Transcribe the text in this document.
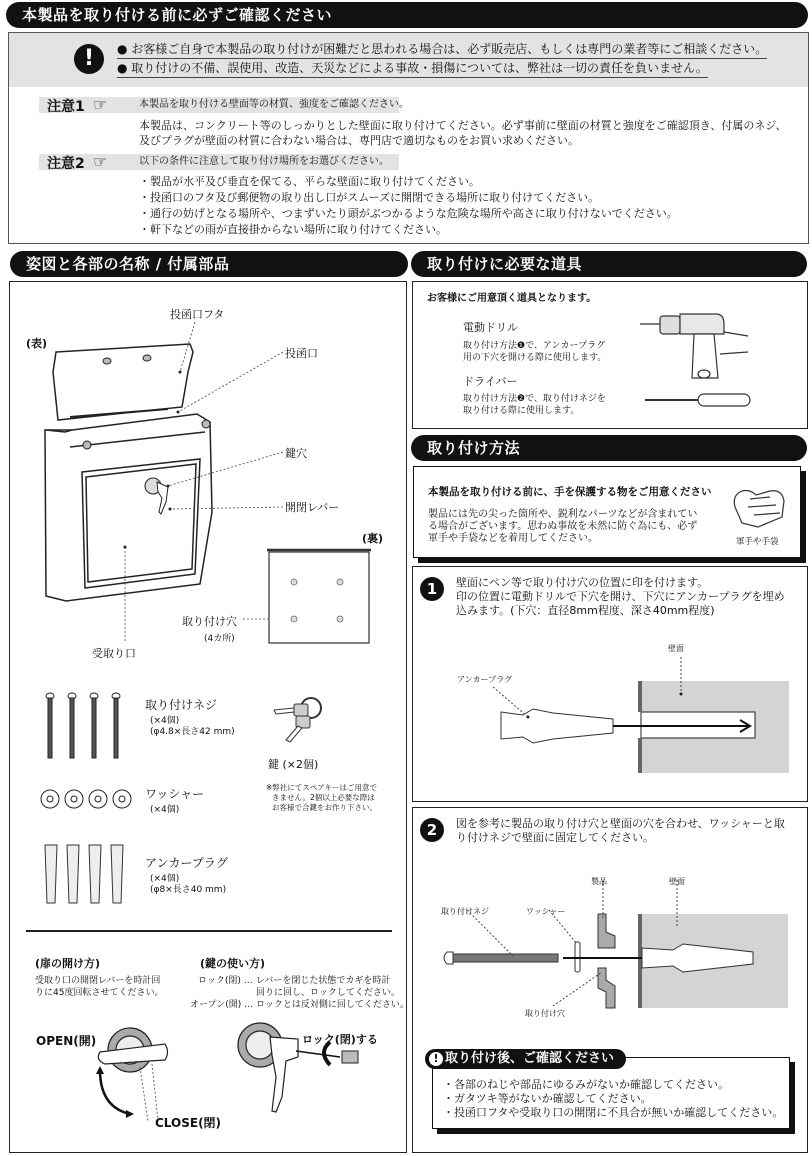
本製品を取り付ける前に必ずご確認ください
!	● お客様ご自身で本製品の取り付けが困難だと思われる場合は、必ず販売店、もしくは専門の業者等にご相談ください。
● 取り付けの不備、誤使用、改造、天災などによる事故・損傷については、弊社は一切の責任を負いません。
注意1 ☞	本製品を取り付ける壁面等の材質、強度をご確認ください。
本製品は、コンクリート等のしっかりとした壁面に取り付けてください。必ず事前に壁面の材質と強度をご確認頂き、付属のネジ、
及びプラグが壁面の材質に合わない場合は、専門店で適切なものをお買い求めください。
注意2 ☞	以下の条件に注意して取り付け場所をお選びください。
・製品が水平及び垂直を保てる、平らな壁面に取り付けてください。
・投函口のフタ及び郵便物の取り出し口がスムーズに開閉できる場所に取り付けてください。
・通行の妨げとなる場所や、つまずいたり頭がぶつかるような危険な場所や高さに取り付けないでください。
・軒下などの雨が直接掛からない場所に取り付けてください。
姿図と各部の名称 / 付属部品
(表)
投函口フタ
投函口
鍵穴
開閉レバー
受取り口
(裏)
取り付け穴
(4カ所)
取り付けネジ
(×4個)
(φ4.8×長さ42 mm)
ワッシャー
(×4個)
アンカープラグ
(×4個)
(φ8×長さ40 mm)
鍵 (×2個)
※弊社にてスペアキーはご用意で
きません。2個以上必要な際は
お客様で合鍵をお作り下さい。
(扉の開け方)
受取り口の開閉レバーを時計回
りに45度回転させてください。
(鍵の使い方)
ロック(閉) … レバーを閉じた状態でカギを時計
回りに回し、ロックしてください。
オープン(開) … ロックとは反対側に回してください。
OPEN(開)
CLOSE(閉)
ロック(閉)する
取り付けに必要な道具
お客様にご用意頂く道具となります。
電動ドリル
取り付け方法❶で、アンカープラグ
用の下穴を開ける際に使用します。
ドライバー
取り付け方法❷で、取り付けネジを
取り付ける際に使用します。
取り付け方法
本製品を取り付ける前に、手を保護する物をご用意ください
製品には先の尖った箇所や、鋭利なパーツなどが含まれてい
る場合がございます。思わぬ事故を未然に防ぐ為にも、必ず
軍手や手袋などを着用してください。	軍手や手袋
1	壁面にペン等で取り付け穴の位置に印を付けます。
印の位置に電動ドリルで下穴を開け、下穴にアンカープラグを埋め
込みます。(下穴：直径8mm程度、深さ40mm程度)
壁面
アンカープラグ
2	図を参考に製品の取り付け穴と壁面の穴を合わせ、ワッシャーと取
り付けネジで壁面に固定してください。
製品	壁面
取り付けネジ	ワッシャー
取り付け穴
・各部のねじや部品にゆるみがないか確認してください。
・ガタツキ等がないか確認してください。
・投函口フタや受取り口の開閉に不具合が無いか確認してください。
! 取り付け後、ご確認ください
